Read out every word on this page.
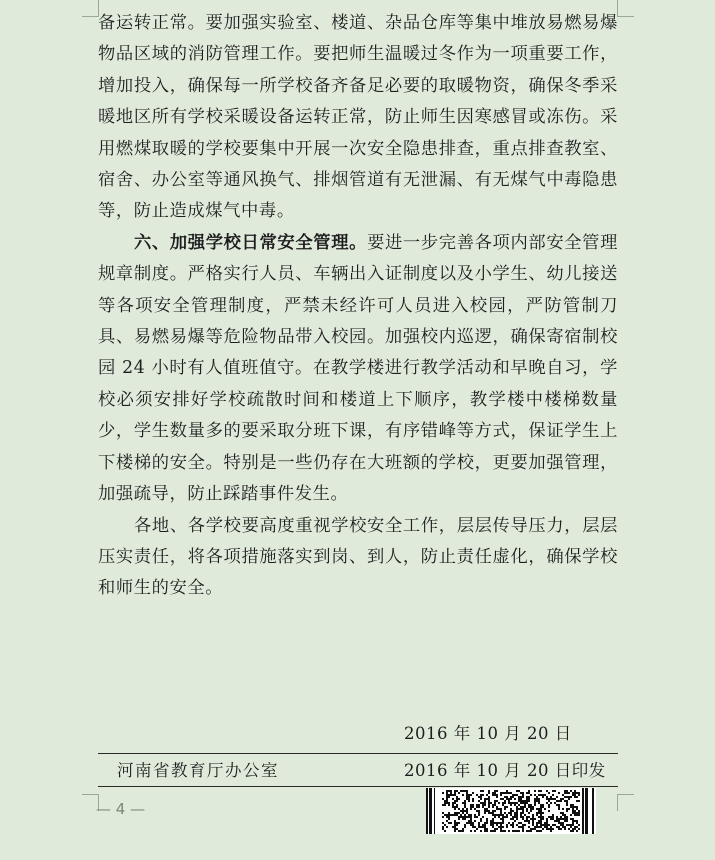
备运转正常。要加强实验室、楼道、杂品仓库等集中堆放易燃易爆物品区域的消防管理工作。要把师生温暖过冬作为一项重要工作，增加投入，确保每一所学校备齐备足必要的取暖物资，确保冬季采暖地区所有学校采暖设备运转正常，防止师生因寒感冒或冻伤。采用燃煤取暖的学校要集中开展一次安全隐患排查，重点排查教室、宿舍、办公室等通风换气、排烟管道有无泄漏、有无煤气中毒隐患等，防止造成煤气中毒。

六、加强学校日常安全管理。要进一步完善各项内部安全管理规章制度。严格实行人员、车辆出入证制度以及小学生、幼儿接送等各项安全管理制度，严禁未经许可人员进入校园，严防管制刀具、易燃易爆等危险物品带入校园。加强校内巡逻，确保寄宿制校园 24 小时有人值班值守。在教学楼进行教学活动和早晚自习，学校必须安排好学校疏散时间和楼道上下顺序，教学楼中楼梯数量少，学生数量多的要采取分班下课，有序错峰等方式，保证学生上下楼梯的安全。特别是一些仍存在大班额的学校，更要加强管理，加强疏导，防止踩踏事件发生。

各地、各学校要高度重视学校安全工作，层层传导压力，层层压实责任，将各项措施落实到岗、到人，防止责任虚化，确保学校和师生的安全。

2016 年 10 月 20 日
河南省教育厅办公室	2016 年 10 月 20 日印发
— 4 —
